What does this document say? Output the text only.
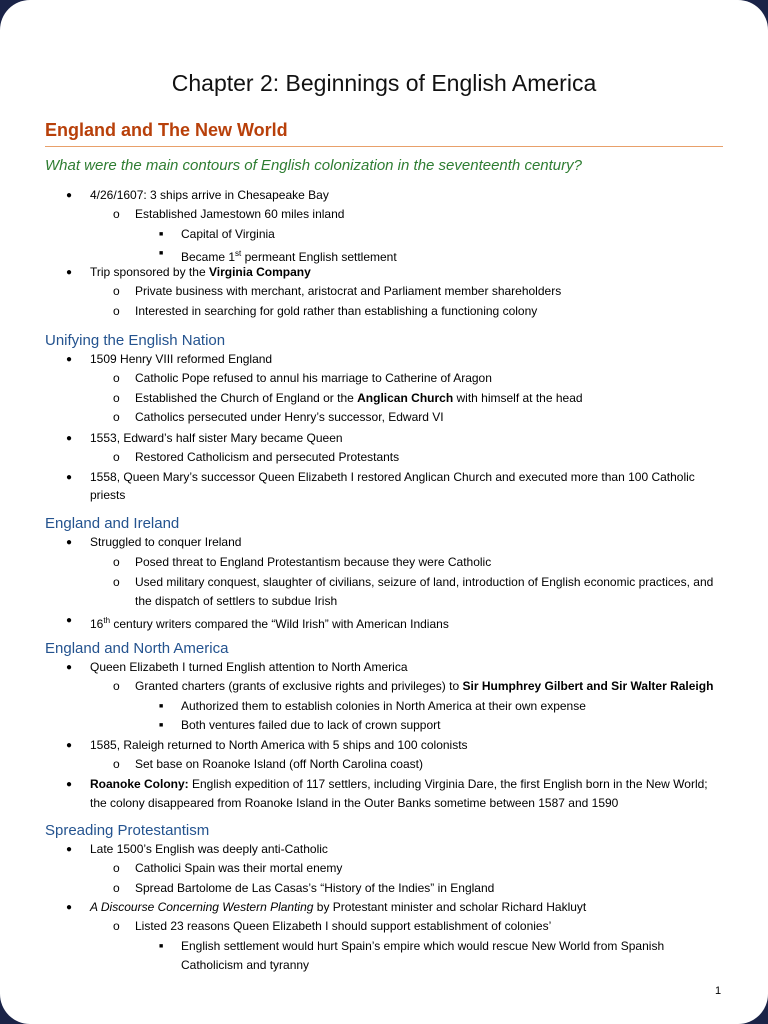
Chapter 2: Beginnings of English America
England and The New World
What were the main contours of English colonization in the seventeenth century?
● 4/26/1607: 3 ships arrive in Chesapeake Bay
o Established Jamestown 60 miles inland
■ Capital of Virginia
■ Became 1st permeant English settlement
● Trip sponsored by the Virginia Company
o Private business with merchant, aristocrat and Parliament member shareholders
o Interested in searching for gold rather than establishing a functioning colony
Unifying the English Nation
● 1509 Henry VIII reformed England
o Catholic Pope refused to annul his marriage to Catherine of Aragon
o Established the Church of England or the Anglican Church with himself at the head
o Catholics persecuted under Henry’s successor, Edward VI
● 1553, Edward’s half sister Mary became Queen
o Restored Catholicism and persecuted Protestants
● 1558, Queen Mary’s successor Queen Elizabeth I restored Anglican Church and executed more than 100 Catholic
priests
England and Ireland
● Struggled to conquer Ireland
o Posed threat to England Protestantism because they were Catholic
o Used military conquest, slaughter of civilians, seizure of land, introduction of English economic practices, and
the dispatch of settlers to subdue Irish
● 16th century writers compared the “Wild Irish” with American Indians
England and North America
● Queen Elizabeth I turned English attention to North America
o Granted charters (grants of exclusive rights and privileges) to Sir Humphrey Gilbert and Sir Walter Raleigh
■ Authorized them to establish colonies in North America at their own expense
■ Both ventures failed due to lack of crown support
● 1585, Raleigh returned to North America with 5 ships and 100 colonists
o Set base on Roanoke Island (off North Carolina coast)
● Roanoke Colony: English expedition of 117 settlers, including Virginia Dare, the first English born in the New World;
the colony disappeared from Roanoke Island in the Outer Banks sometime between 1587 and 1590
Spreading Protestantism
● Late 1500’s English was deeply anti-Catholic
o Catholici Spain was their mortal enemy
o Spread Bartolome de Las Casas’s “History of the Indies” in England
● A Discourse Concerning Western Planting by Protestant minister and scholar Richard Hakluyt
o Listed 23 reasons Queen Elizabeth I should support establishment of colonies’
■ English settlement would hurt Spain’s empire which would rescue New World from Spanish
Catholicism and tyranny
1
